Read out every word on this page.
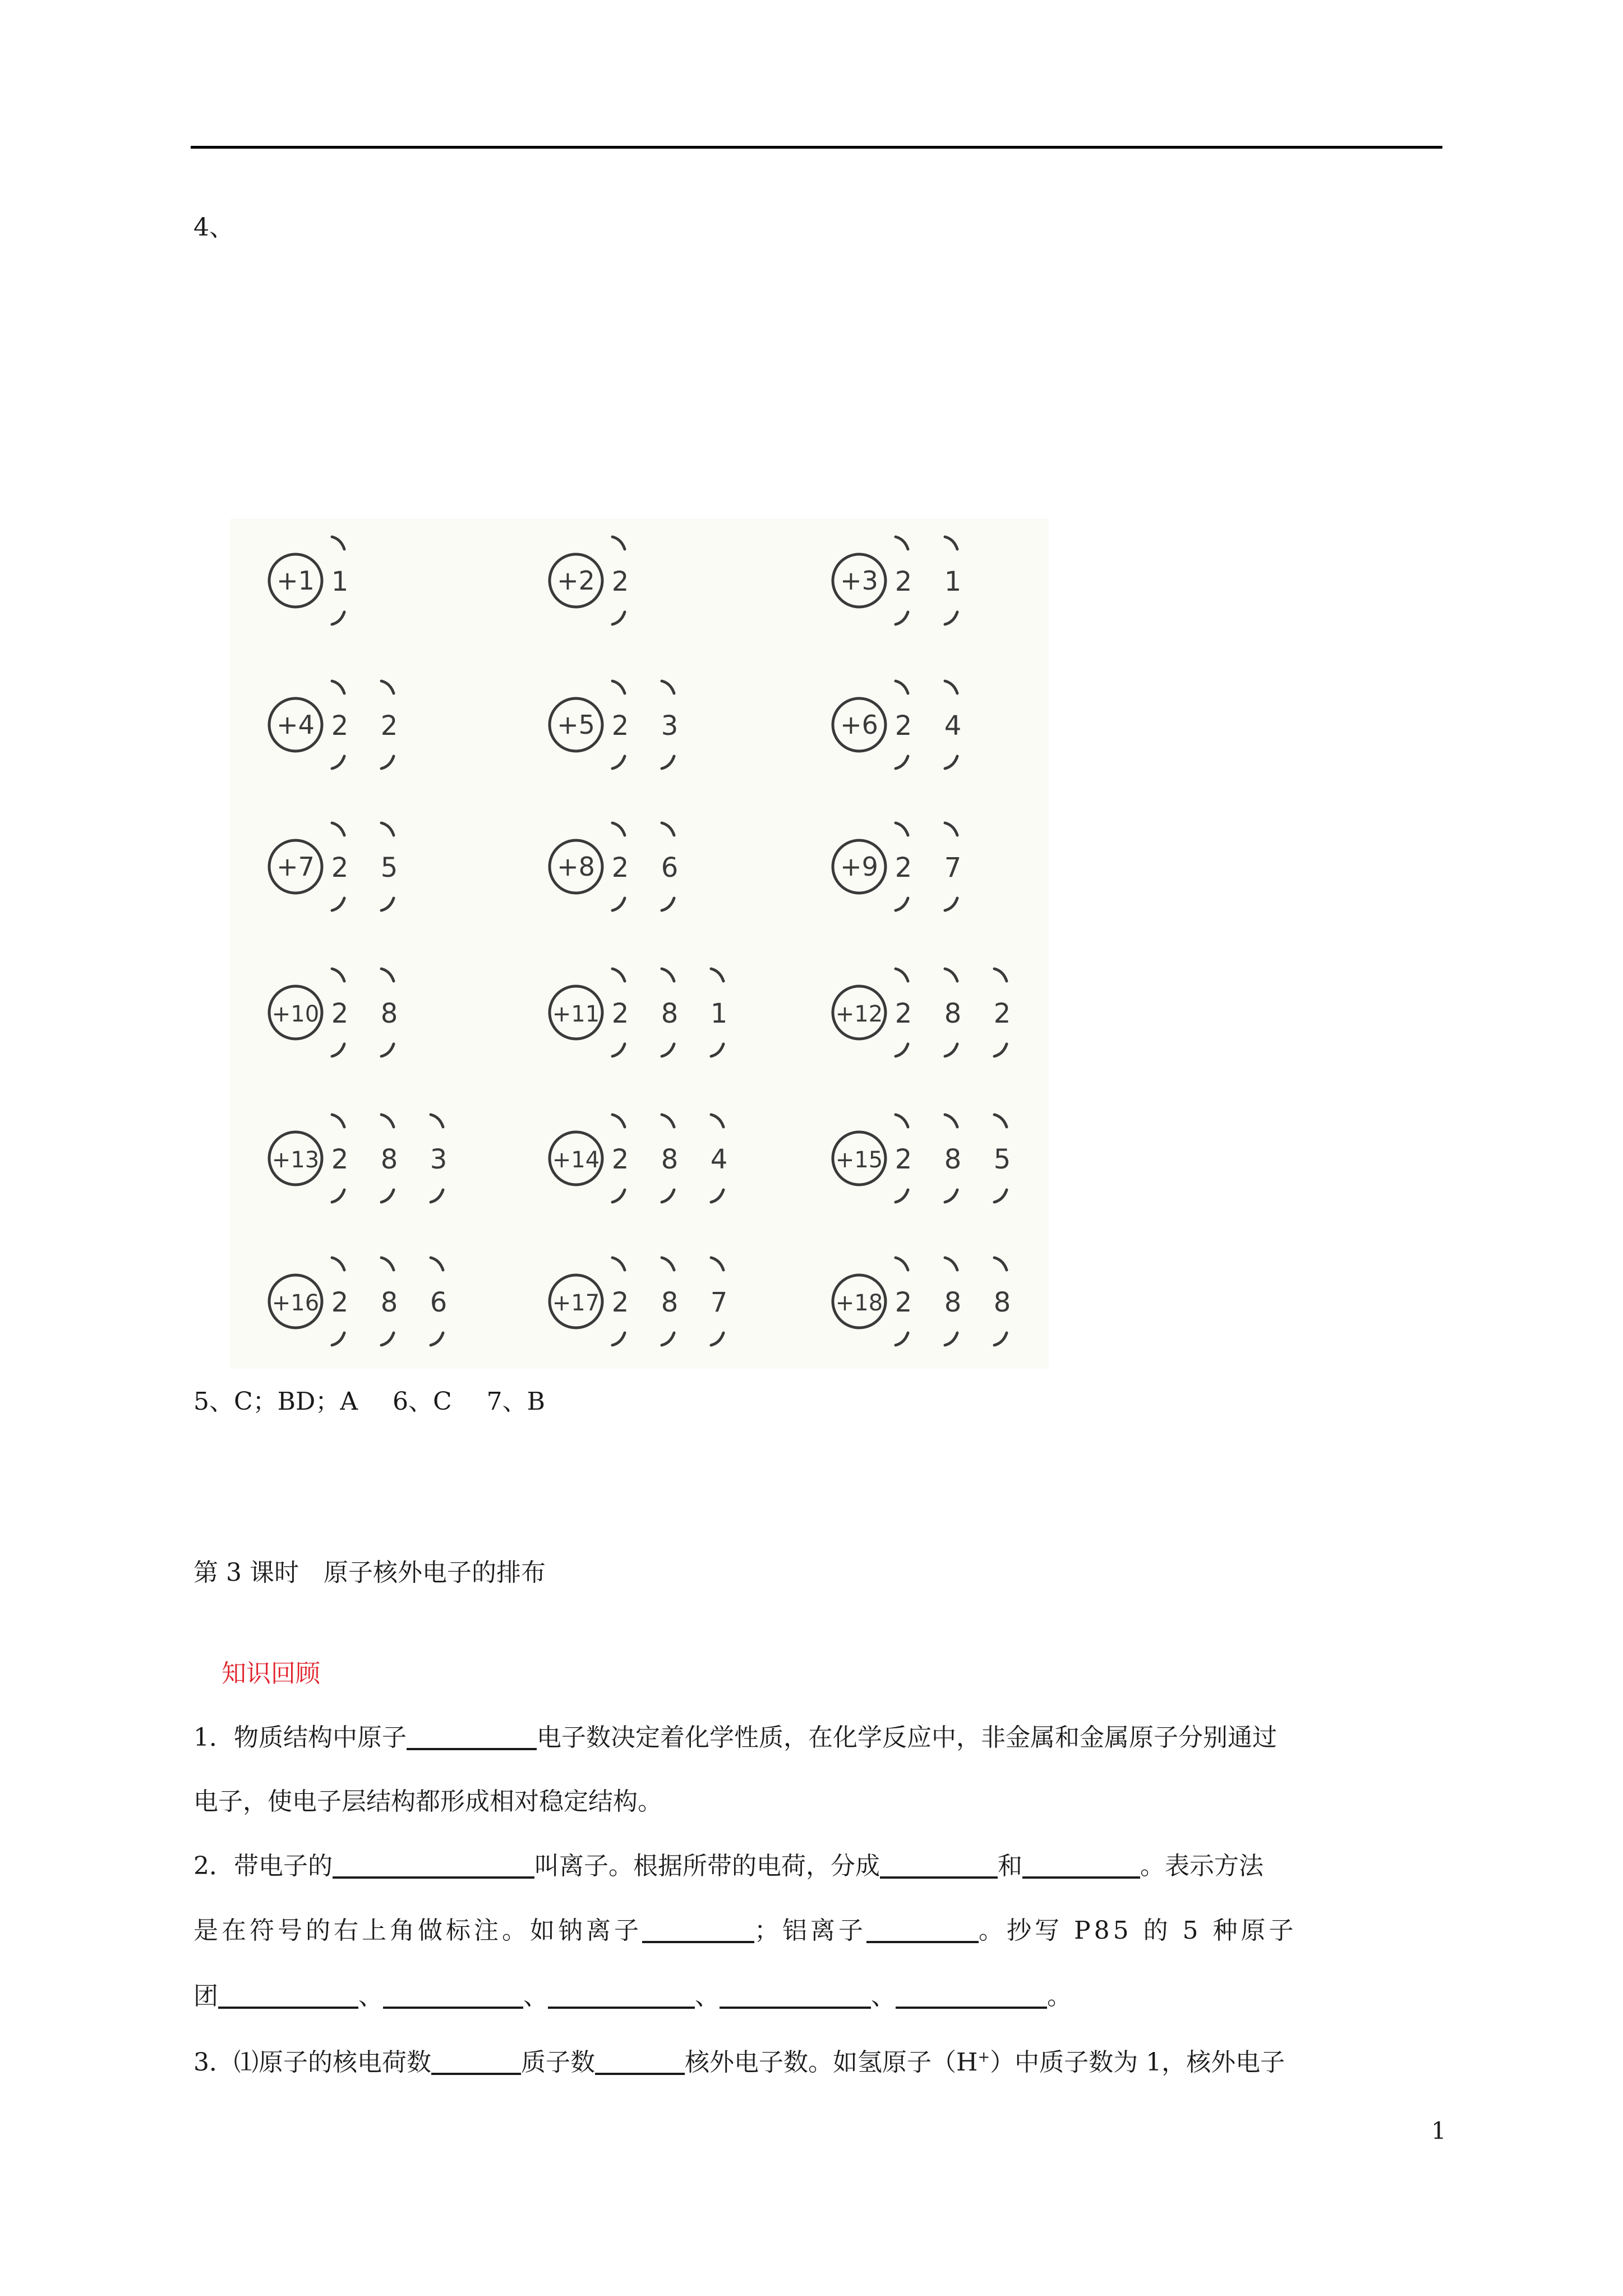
4、
+1 1	+2 2	+3 2 1
+4 2 2	+5 2 3	+6 2 4
+7 2 5	+8 2 6	+9 2 7
+10 2 8	+11 2 8 1	+12 2 8 2
+13 2 8 3	+14 2 8 4	+15 2 8 5
+16 2 8 6	+17 2 8 7	+18 2 8 8
5、C；BD；A　 6、C　 7、B
第 3 课时　原子核外电子的排布
知识回顾
1．物质结构中原子	电子数决定着化学性质，在化学反应中，非金属和金属原子分别通过
电子，使电子层结构都形成相对稳定结构。
2．带电子的	叫离子。根据所带的电荷，分成	和	。表示方法
是在符号的右上角做标注。如钠离子	；铝离子	。抄写 P85 的 5 种原子
团	、	、	、	、	。
3．⑴原子的核电荷数	质子数	核外电子数。如氢原子（H+）中质子数为 1，核外电子
1
